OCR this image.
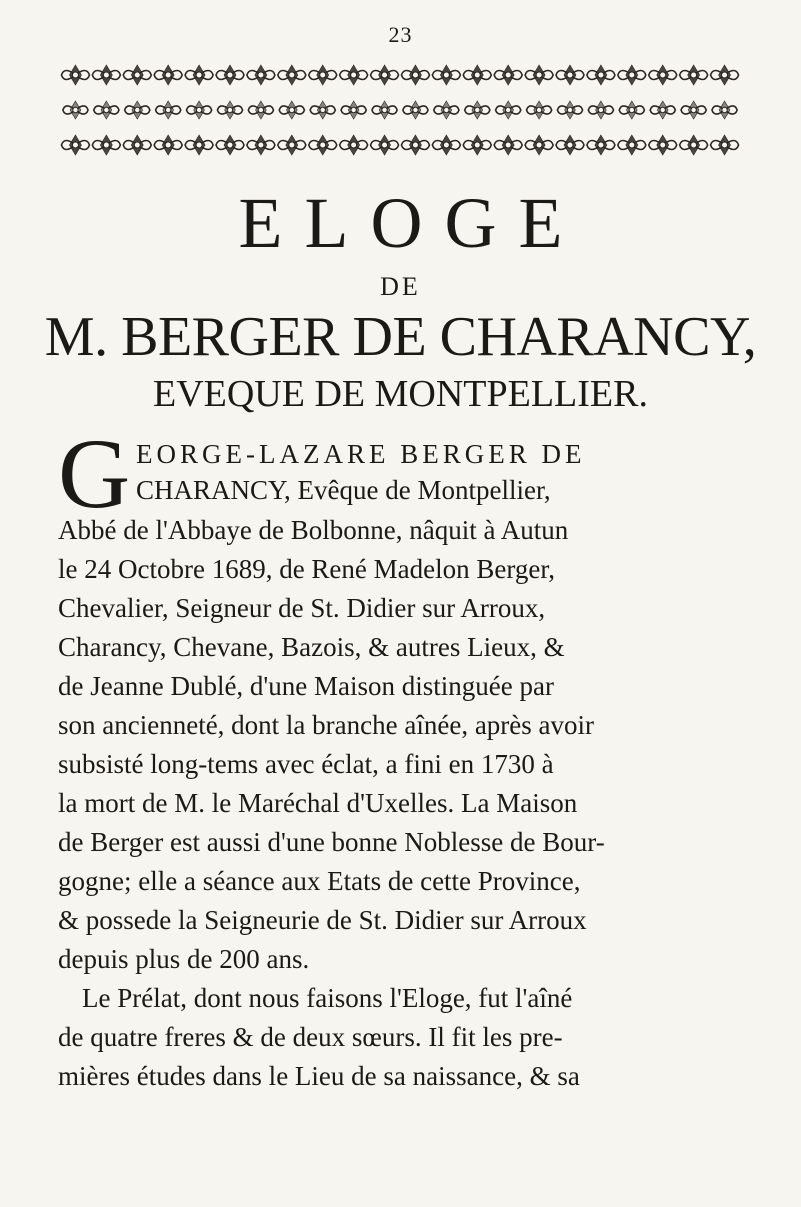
23
ELOGE
DE
M. BERGER DE CHARANCY,
EVEQUE DE MONTPELLIER.
G EORGE-LAZARE BERGER DE
CHARANCY, Evêque de Montpellier,
Abbé de l'Abbaye de Bolbonne, nâquit à Autun
le 24 Octobre 1689, de René Madelon Berger,
Chevalier, Seigneur de St. Didier sur Arroux,
Charancy, Chevane, Bazois, & autres Lieux, &
de Jeanne Dublé, d'une Maison distinguée par
son ancienneté, dont la branche aînée, après avoir
subsisté long-tems avec éclat, a fini en 1730 à
la mort de M. le Maréchal d'Uxelles. La Maison
de Berger est aussi d'une bonne Noblesse de Bour-
gogne; elle a séance aux Etats de cette Province,
& possede la Seigneurie de St. Didier sur Arroux
depuis plus de 200 ans.
Le Prélat, dont nous faisons l'Eloge, fut l'aîné
de quatre freres & de deux sœurs. Il fit les pre-
mières études dans le Lieu de sa naissance, & sa
